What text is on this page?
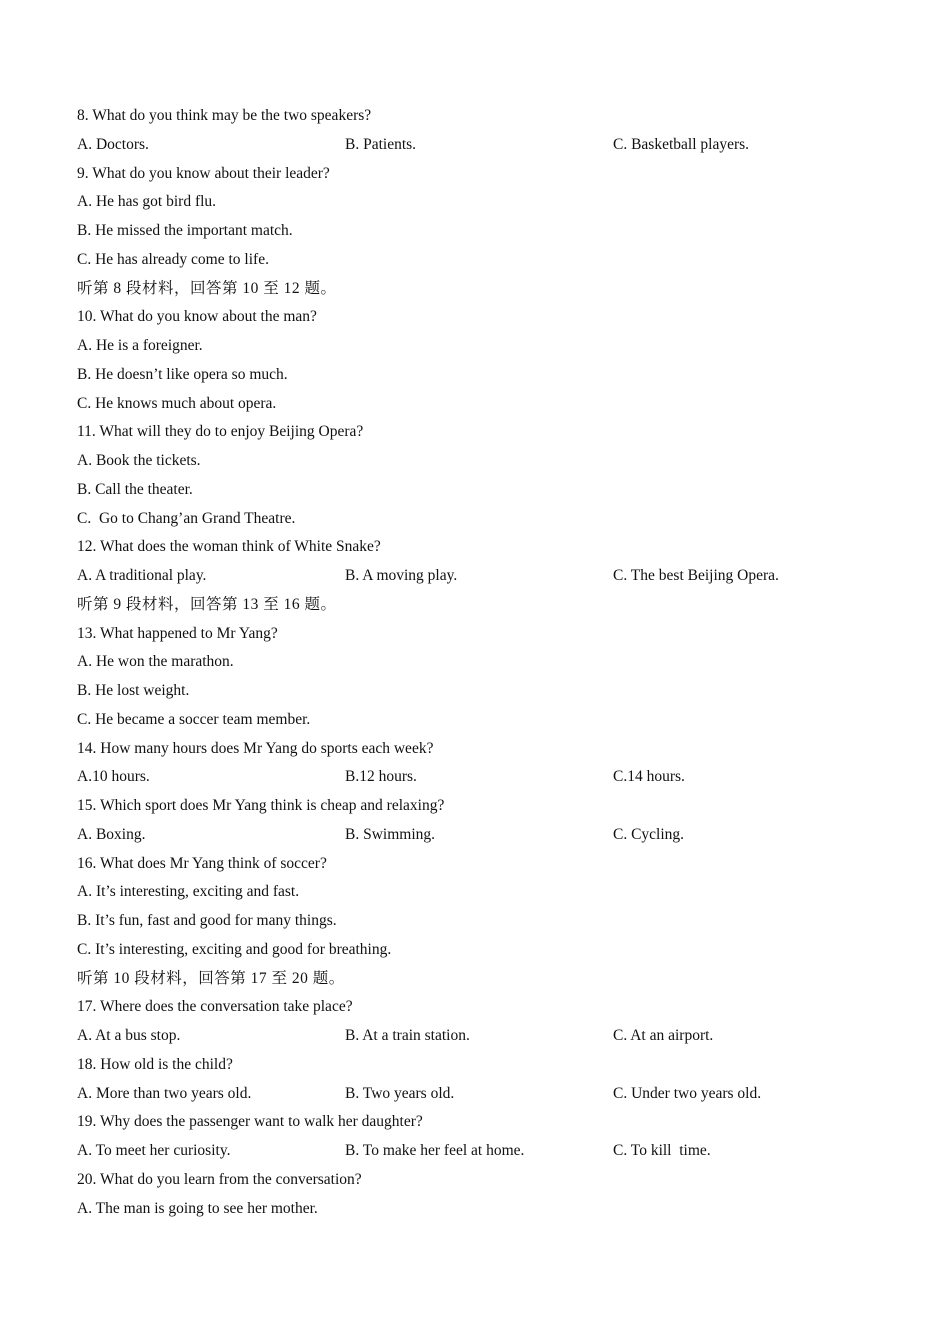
8. What do you think may be the two speakers?
A. Doctors.	B. Patients.	C. Basketball players.
9. What do you know about their leader?
A. He has got bird flu.
B. He missed the important match.
C. He has already come to life.
听第 8 段材料，回答第 10 至 12 题。
10. What do you know about the man?
A. He is a foreigner.
B. He doesn’t like opera so much.
C. He knows much about opera.
11. What will they do to enjoy Beijing Opera?
A. Book the tickets.
B. Call the theater.
C.  Go to Chang’an Grand Theatre.
12. What does the woman think of White Snake?
A. A traditional play.	B. A moving play.	C. The best Beijing Opera.
听第 9 段材料，回答第 13 至 16 题。
13. What happened to Mr Yang?
A. He won the marathon.
B. He lost weight.
C. He became a soccer team member.
14. How many hours does Mr Yang do sports each week?
A.10 hours.	B.12 hours.	C.14 hours.
15. Which sport does Mr Yang think is cheap and relaxing?
A. Boxing.	B. Swimming.	C. Cycling.
16. What does Mr Yang think of soccer?
A. It’s interesting, exciting and fast.
B. It’s fun, fast and good for many things.
C. It’s interesting, exciting and good for breathing.
听第 10 段材料，回答第 17 至 20 题。
17. Where does the conversation take place?
A. At a bus stop.	B. At a train station.	C. At an airport.
18. How old is the child?
A. More than two years old.	B. Two years old.	C. Under two years old.
19. Why does the passenger want to walk her daughter?
A. To meet her curiosity.	B. To make her feel at home.	C. To kill  time.
20. What do you learn from the conversation?
A. The man is going to see her mother.
